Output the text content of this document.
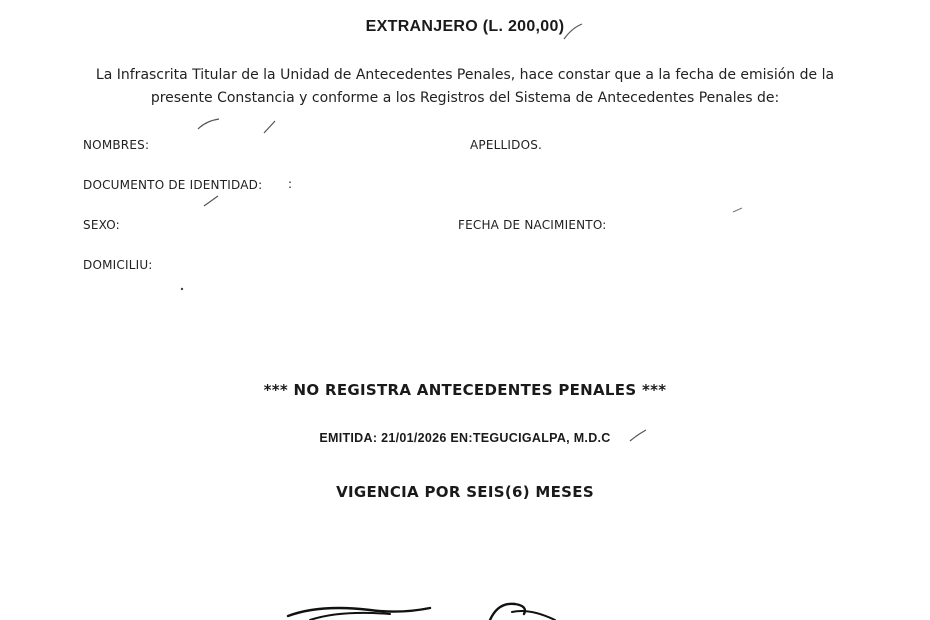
EXTRANJERO (L. 200,00)
La Infrascrita Titular de la Unidad de Antecedentes Penales, hace constar que a la fecha de emisión de la
presente Constancia y conforme a los Registros del Sistema de Antecedentes Penales de:
NOMBRES:	APELLIDOS.
DOCUMENTO DE IDENTIDAD: :
SEXO:	FECHA DE NACIMIENTO:
DOMICILIU:
*** NO REGISTRA ANTECEDENTES PENALES ***
EMITIDA: 21/01/2026 EN:TEGUCIGALPA, M.D.C
VIGENCIA POR SEIS(6) MESES
